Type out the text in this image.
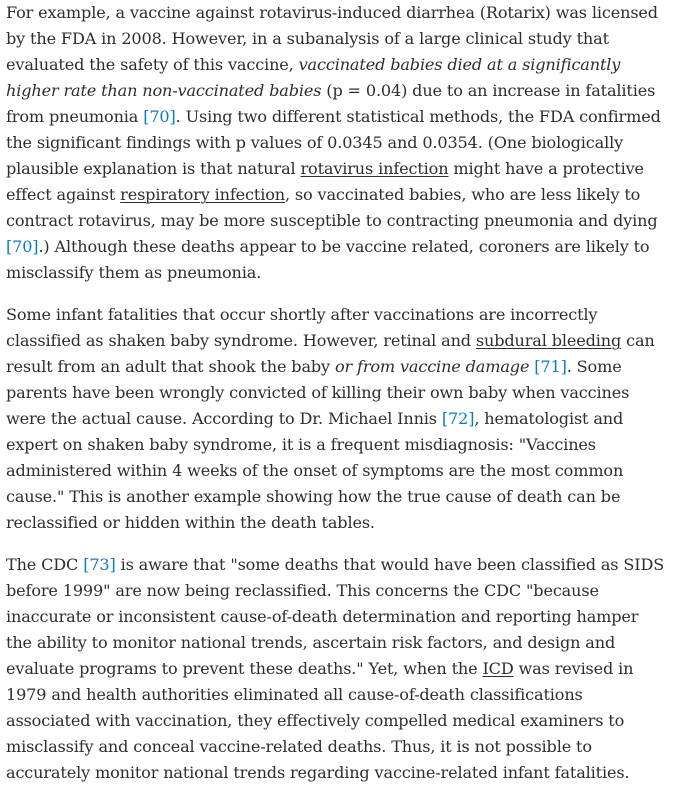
For example, a vaccine against rotavirus-induced diarrhea (Rotarix) was licensed by the FDA in 2008. However, in a subanalysis of a large clinical study that evaluated the safety of this vaccine, vaccinated babies died at a significantly higher rate than non-vaccinated babies (p = 0.04) due to an increase in fatalities from pneumonia [70]. Using two different statistical methods, the FDA confirmed the significant findings with p values of 0.0345 and 0.0354. (One biologically plausible explanation is that natural rotavirus infection might have a protective effect against respiratory infection, so vaccinated babies, who are less likely to contract rotavirus, may be more susceptible to contracting pneumonia and dying [70].) Although these deaths appear to be vaccine related, coroners are likely to misclassify them as pneumonia.

Some infant fatalities that occur shortly after vaccinations are incorrectly classified as shaken baby syndrome. However, retinal and subdural bleeding can result from an adult that shook the baby or from vaccine damage [71]. Some parents have been wrongly convicted of killing their own baby when vaccines were the actual cause. According to Dr. Michael Innis [72], hematologist and expert on shaken baby syndrome, it is a frequent misdiagnosis: "Vaccines administered within 4 weeks of the onset of symptoms are the most common cause." This is another example showing how the true cause of death can be reclassified or hidden within the death tables.

The CDC [73] is aware that "some deaths that would have been classified as SIDS before 1999" are now being reclassified. This concerns the CDC "because inaccurate or inconsistent cause-of-death determination and reporting hamper the ability to monitor national trends, ascertain risk factors, and design and evaluate programs to prevent these deaths." Yet, when the ICD was revised in 1979 and health authorities eliminated all cause-of-death classifications associated with vaccination, they effectively compelled medical examiners to misclassify and conceal vaccine-related deaths. Thus, it is not possible to accurately monitor national trends regarding vaccine-related infant fatalities.
